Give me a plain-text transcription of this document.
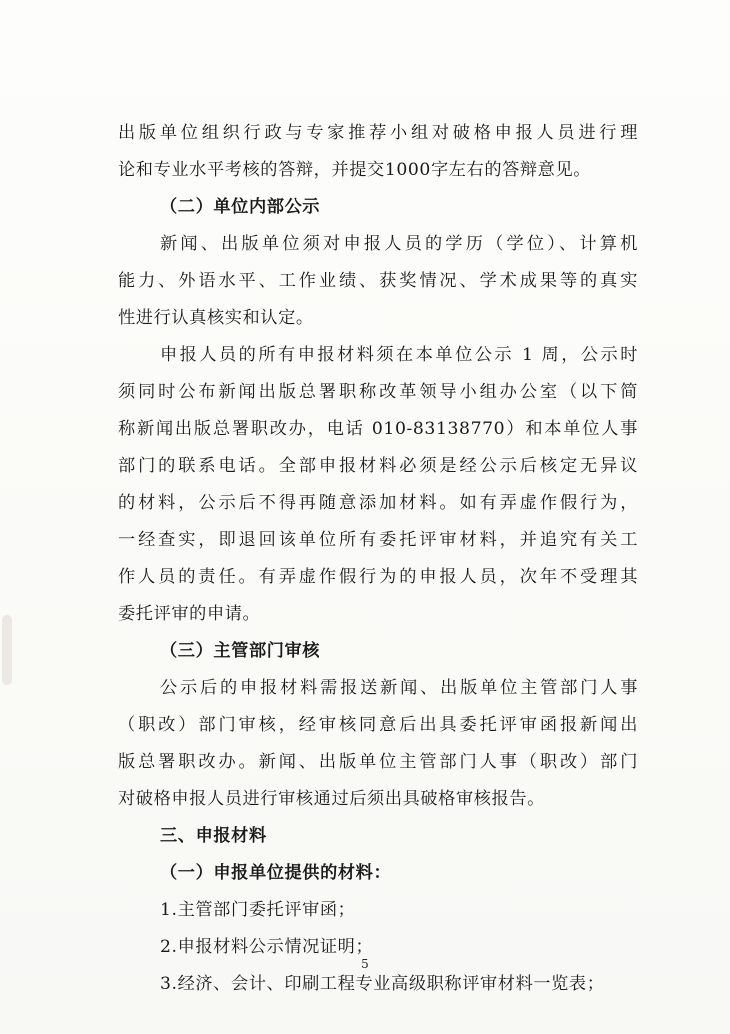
出版单位组织行政与专家推荐小组对破格申报人员进行理
论和专业水平考核的答辩，并提交1000字左右的答辩意见。
（二）单位内部公示
新闻、出版单位须对申报人员的学历（学位）、计算机
能力、外语水平、工作业绩、获奖情况、学术成果等的真实
性进行认真核实和认定。
申报人员的所有申报材料须在本单位公示 1 周，公示时
须同时公布新闻出版总署职称改革领导小组办公室（以下简
称新闻出版总署职改办，电话 010-83138770）和本单位人事
部门的联系电话。全部申报材料必须是经公示后核定无异议
的材料，公示后不得再随意添加材料。如有弄虚作假行为，
一经查实，即退回该单位所有委托评审材料，并追究有关工
作人员的责任。有弄虚作假行为的申报人员，次年不受理其
委托评审的申请。
（三）主管部门审核
公示后的申报材料需报送新闻、出版单位主管部门人事
（职改）部门审核，经审核同意后出具委托评审函报新闻出
版总署职改办。新闻、出版单位主管部门人事（职改）部门
对破格申报人员进行审核通过后须出具破格审核报告。
三、申报材料
（一）申报单位提供的材料：
1.主管部门委托评审函；
2.申报材料公示情况证明；
3.经济、会计、印刷工程专业高级职称评审材料一览表；
5
